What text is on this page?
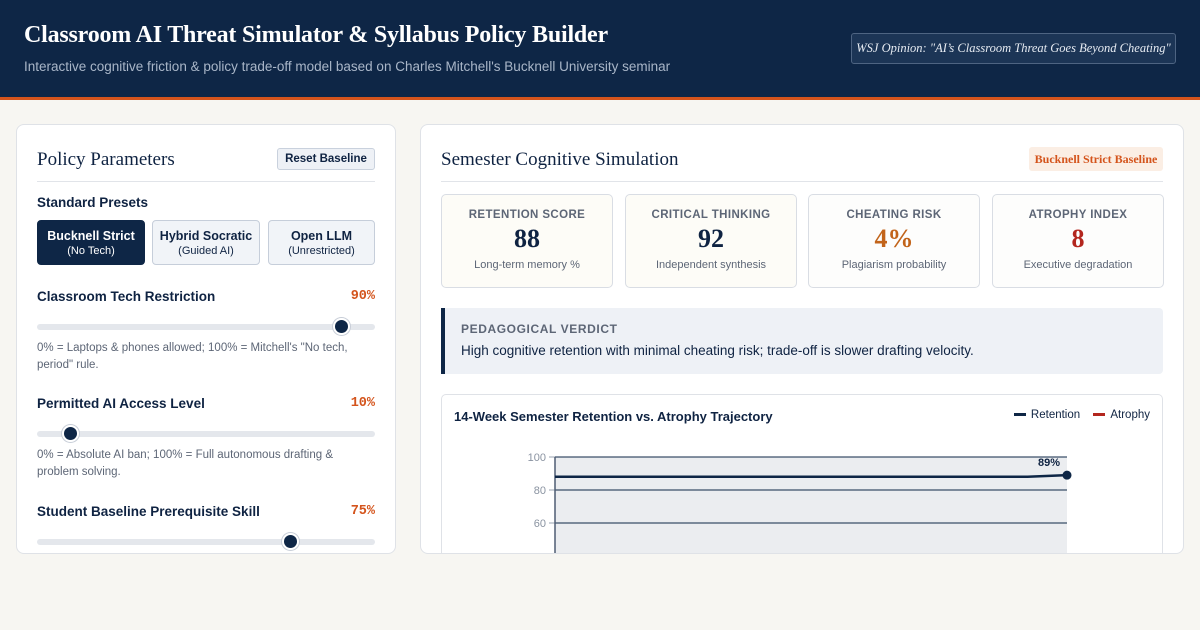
Classroom AI Threat Simulator & Syllabus Policy Builder
Interactive cognitive friction & policy trade-off model based on Charles Mitchell's Bucknell University seminar
WSJ Opinion: "AI’s Classroom Threat Goes Beyond Cheating"
Policy Parameters	Reset Baseline
Standard Presets
Bucknell Strict
(No Tech)
Hybrid Socratic
(Guided AI)
Open LLM
(Unrestricted)
Classroom Tech Restriction	90%
0% = Laptops & phones allowed; 100% = Mitchell's "No tech, period" rule.
Permitted AI Access Level	10%
0% = Absolute AI ban; 100% = Full autonomous drafting & problem solving.
Student Baseline Prerequisite Skill	75%
Semester Cognitive Simulation	Bucknell Strict Baseline
RETENTION SCORE
88
Long-term memory %
CRITICAL THINKING
92
Independent synthesis
CHEATING RISK
4%
Plagiarism probability
ATROPHY INDEX
8
Executive degradation
PEDAGOGICAL VERDICT
High cognitive retention with minimal cheating risk; trade-off is slower drafting velocity.
14-Week Semester Retention vs. Atrophy Trajectory	Retention	Atrophy
100
80
60
89%
